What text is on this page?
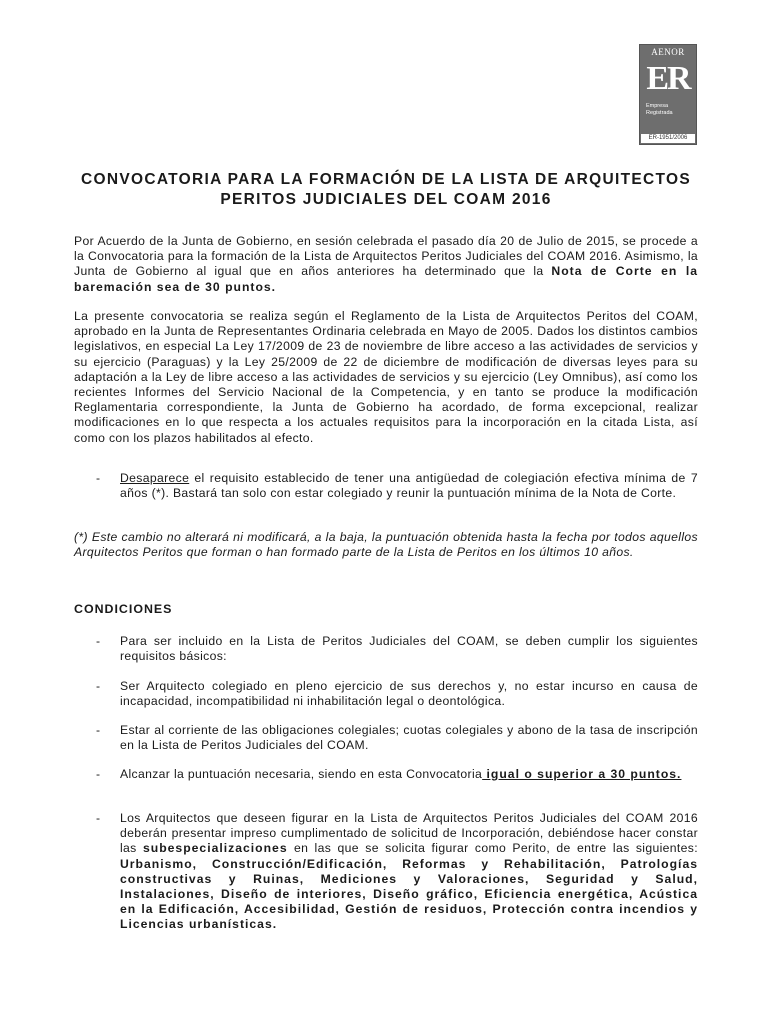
AENOR
ER
Empresa
Registrada
ER-1951/2006
CONVOCATORIA PARA LA FORMACIÓN DE LA LISTA DE ARQUITECTOS PERITOS JUDICIALES DEL COAM 2016

Por Acuerdo de la Junta de Gobierno, en sesión celebrada el pasado día 20 de Julio de 2015, se procede a la Convocatoria para la formación de la Lista de Arquitectos Peritos Judiciales del COAM 2016. Asimismo, la Junta de Gobierno al igual que en años anteriores ha determinado que la Nota de Corte en la baremación sea de 30 puntos.

La presente convocatoria se realiza según el Reglamento de la Lista de Arquitectos Peritos del COAM, aprobado en la Junta de Representantes Ordinaria celebrada en Mayo de 2005. Dados los distintos cambios legislativos, en especial La Ley 17/2009 de 23 de noviembre de libre acceso a las actividades de servicios y su ejercicio (Paraguas) y la Ley 25/2009 de 22 de diciembre de modificación de diversas leyes para su adaptación a la Ley de libre acceso a las actividades de servicios y su ejercicio (Ley Omnibus), así como los recientes Informes del Servicio Nacional de la Competencia, y en tanto se produce la modificación Reglamentaria correspondiente, la Junta de Gobierno ha acordado, de forma excepcional, realizar modificaciones en lo que respecta a los actuales requisitos para la incorporación en la citada Lista, así como con los plazos habilitados al efecto.

- Desaparece el requisito establecido de tener una antigüedad de colegiación efectiva mínima de 7 años (*). Bastará tan solo con estar colegiado y reunir la puntuación mínima de la Nota de Corte.

(*) Este cambio no alterará ni modificará, a la baja, la puntuación obtenida hasta la fecha por todos aquellos Arquitectos Peritos que forman o han formado parte de la Lista de Peritos en los últimos 10 años.

CONDICIONES
- Para ser incluido en la Lista de Peritos Judiciales del COAM, se deben cumplir los siguientes requisitos básicos:
- Ser Arquitecto colegiado en pleno ejercicio de sus derechos y, no estar incurso en causa de incapacidad, incompatibilidad ni inhabilitación legal o deontológica.
- Estar al corriente de las obligaciones colegiales; cuotas colegiales y abono de la tasa de inscripción en la Lista de Peritos Judiciales del COAM.
- Alcanzar la puntuación necesaria, siendo en esta Convocatoria igual o superior a 30 puntos.
- Los Arquitectos que deseen figurar en la Lista de Arquitectos Peritos Judiciales del COAM 2016 deberán presentar impreso cumplimentado de solicitud de Incorporación, debiéndose hacer constar las subespecializaciones en las que se solicita figurar como Perito, de entre las siguientes: Urbanismo, Construcción/Edificación, Reformas y Rehabilitación, Patrologías constructivas y Ruinas, Mediciones y Valoraciones, Seguridad y Salud, Instalaciones, Diseño de interiores, Diseño gráfico, Eficiencia energética, Acústica en la Edificación, Accesibilidad, Gestión de residuos, Protección contra incendios y Licencias urbanísticas.
